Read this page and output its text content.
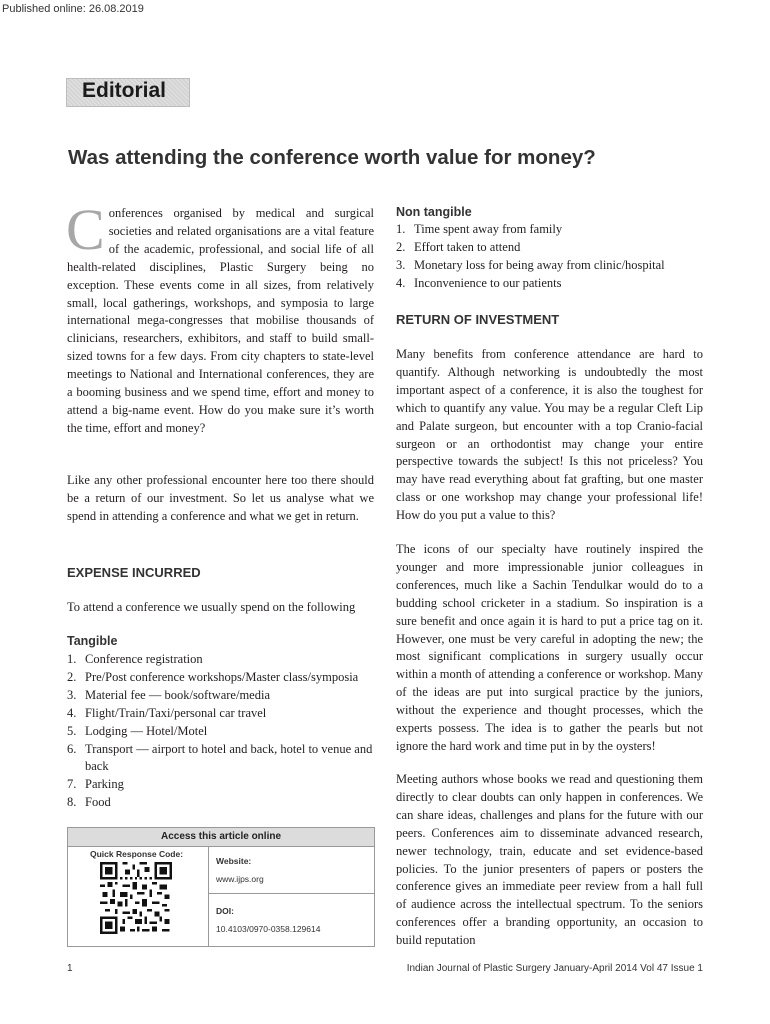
Published online: 26.08.2019
Editorial
Was attending the conference worth value for money?
Conferences organised by medical and surgical societies and related organisations are a vital feature of the academic, professional, and social life of all health-related disciplines, Plastic Surgery being no exception. These events come in all sizes, from relatively small, local gatherings, workshops, and symposia to large international mega-congresses that mobilise thousands of clinicians, researchers, exhibitors, and staff to build small-sized towns for a few days. From city chapters to state-level meetings to National and International conferences, they are a booming business and we spend time, effort and money to attend a big-name event. How do you make sure it’s worth the time, effort and money?

Like any other professional encounter here too there should be a return of our investment. So let us analyse what we spend in attending a conference and what we get in return.

EXPENSE INCURRED

To attend a conference we usually spend on the following

Tangible
1. Conference registration
2. Pre/Post conference workshops/Master class/symposia
3. Material fee — book/software/media
4. Flight/Train/Taxi/personal car travel
5. Lodging — Hotel/Motel
6. Transport — airport to hotel and back, hotel to venue and back
7. Parking
8. Food
Access this article online
Quick Response Code:
Website:
www.ijps.org
DOI:
10.4103/0970-0358.129614
Non tangible
1. Time spent away from family
2. Effort taken to attend
3. Monetary loss for being away from clinic/hospital
4. Inconvenience to our patients
RETURN OF INVESTMENT

Many benefits from conference attendance are hard to quantify. Although networking is undoubtedly the most important aspect of a conference, it is also the toughest for which to quantify any value. You may be a regular Cleft Lip and Palate surgeon, but encounter with a top Cranio-facial surgeon or an orthodontist may change your entire perspective towards the subject! Is this not priceless? You may have read everything about fat grafting, but one master class or one workshop may change your professional life! How do you put a value to this?

The icons of our specialty have routinely inspired the younger and more impressionable junior colleagues in conferences, much like a Sachin Tendulkar would do to a budding school cricketer in a stadium. So inspiration is a sure benefit and once again it is hard to put a price tag on it. However, one must be very careful in adopting the new; the most significant complications in surgery usually occur within a month of attending a conference or workshop. Many of the ideas are put into surgical practice by the juniors, without the experience and thought processes, which the experts possess. The idea is to gather the pearls but not ignore the hard work and time put in by the oysters!

Meeting authors whose books we read and questioning them directly to clear doubts can only happen in conferences. We can share ideas, challenges and plans for the future with our peers. Conferences aim to disseminate advanced research, newer technology, train, educate and set evidence-based policies. To the junior presenters of papers or posters the conference gives an immediate peer review from a hall full of audience across the intellectual spectrum. To the seniors conferences offer a branding opportunity, an occasion to build reputation

1	Indian Journal of Plastic Surgery January-April 2014 Vol 47 Issue 1
